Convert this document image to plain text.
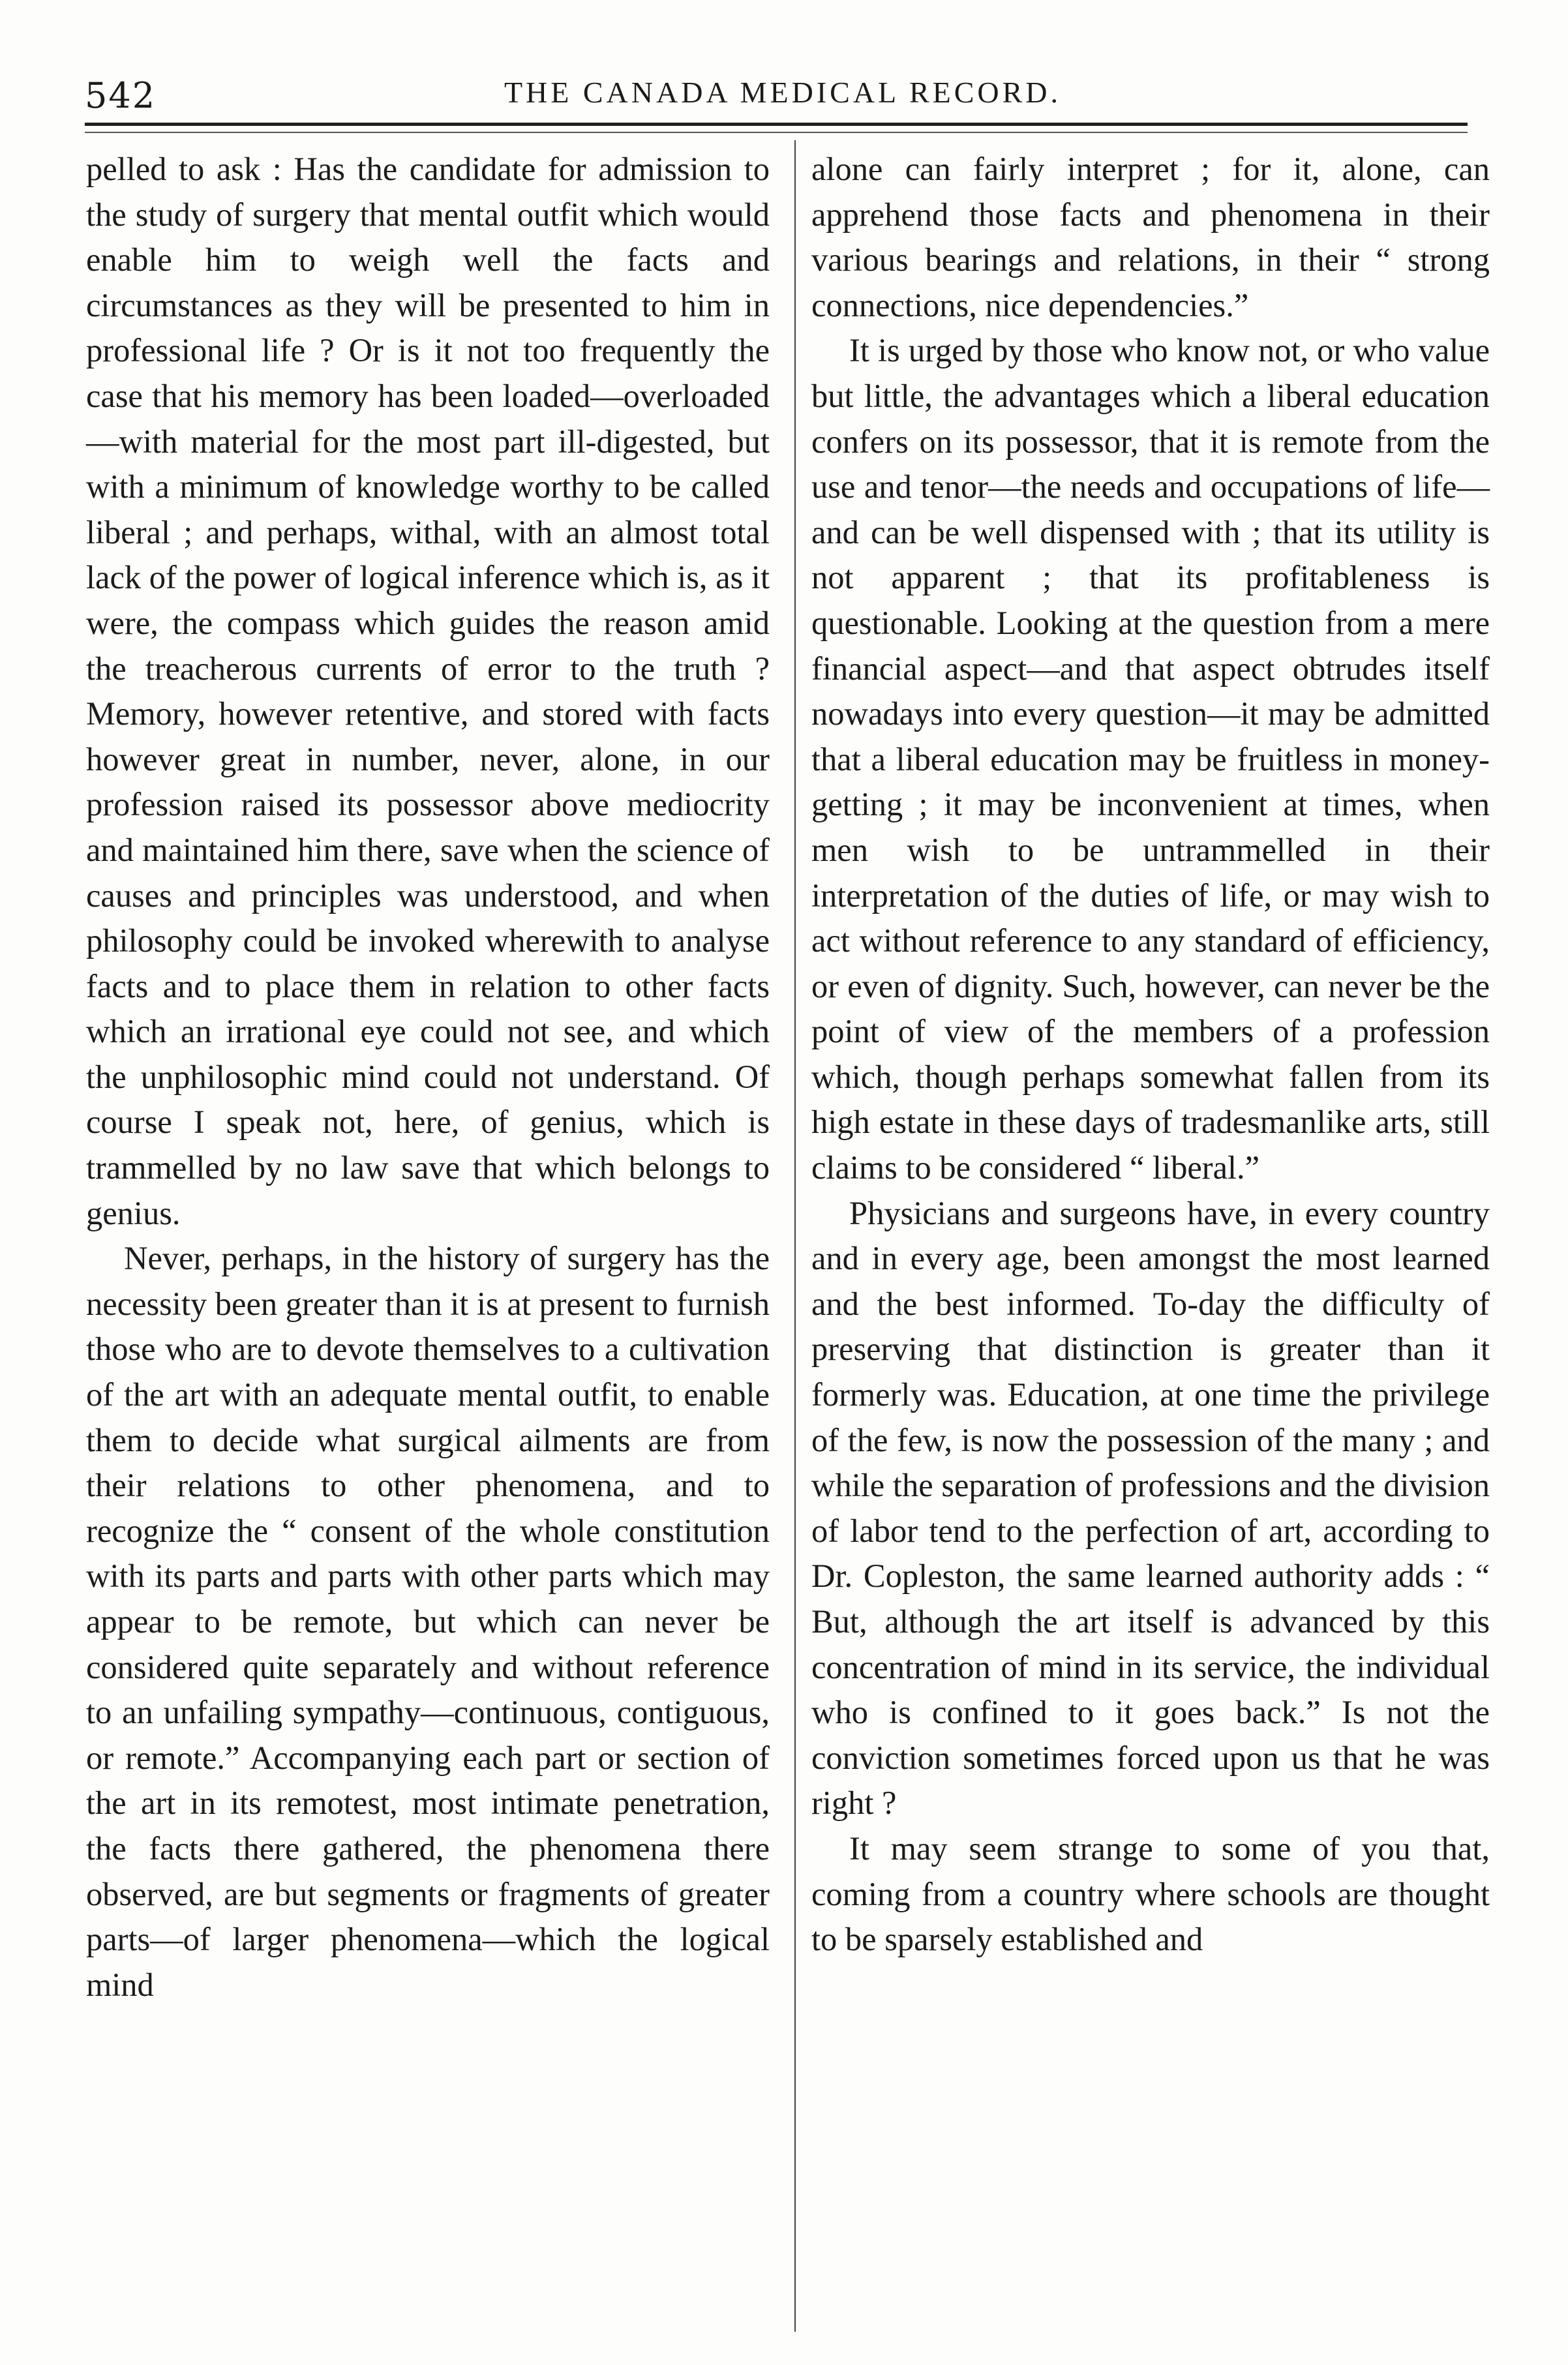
542	THE CANADA MEDICAL RECORD.

pelled to ask : Has the candidate for admission to the study of surgery that mental outfit which would enable him to weigh well the facts and circumstances as they will be presented to him in professional life ? Or is it not too frequently the case that his memory has been loaded—overloaded—with material for the most part ill-digested, but with a minimum of knowledge worthy to be called liberal ; and perhaps, withal, with an almost total lack of the power of logical inference which is, as it were, the compass which guides the reason amid the treacherous currents of error to the truth ? Memory, however retentive, and stored with facts however great in number, never, alone, in our profession raised its possessor above mediocrity and maintained him there, save when the science of causes and principles was understood, and when philosophy could be invoked wherewith to analyse facts and to place them in relation to other facts which an irrational eye could not see, and which the unphilosophic mind could not understand. Of course I speak not, here, of genius, which is trammelled by no law save that which belongs to genius.

Never, perhaps, in the history of surgery has the necessity been greater than it is at present to furnish those who are to devote themselves to a cultivation of the art with an adequate mental outfit, to enable them to decide what surgical ailments are from their relations to other phenomena, and to recognize the “ consent of the whole constitution with its parts and parts with other parts which may appear to be remote, but which can never be considered quite separately and without reference to an unfailing sympathy—continuous, contiguous, or remote.” Accompanying each part or section of the art in its remotest, most intimate penetration, the facts there gathered, the phenomena there observed, are but segments or fragments of greater parts—of larger phenomena—which the logical mind

alone can fairly interpret ; for it, alone, can apprehend those facts and phenomena in their various bearings and relations, in their “ strong connections, nice dependencies.”

It is urged by those who know not, or who value but little, the advantages which a liberal education confers on its possessor, that it is remote from the use and tenor—the needs and occupations of life—and can be well dispensed with ; that its utility is not apparent ; that its profitableness is questionable. Looking at the question from a mere financial aspect—and that aspect obtrudes itself nowadays into every question—it may be admitted that a liberal education may be fruitless in money-getting ; it may be inconvenient at times, when men wish to be untrammelled in their interpretation of the duties of life, or may wish to act without reference to any standard of efficiency, or even of dignity. Such, however, can never be the point of view of the members of a profession which, though perhaps somewhat fallen from its high estate in these days of tradesmanlike arts, still claims to be considered “ liberal.”

Physicians and surgeons have, in every country and in every age, been amongst the most learned and the best informed. To-day the difficulty of preserving that distinction is greater than it formerly was. Education, at one time the privilege of the few, is now the possession of the many ; and while the separation of professions and the division of labor tend to the perfection of art, according to Dr. Copleston, the same learned authority adds : “ But, although the art itself is advanced by this concentration of mind in its service, the individual who is confined to it goes back.” Is not the conviction sometimes forced upon us that he was right ?

It may seem strange to some of you that, coming from a country where schools are thought to be sparsely established and
